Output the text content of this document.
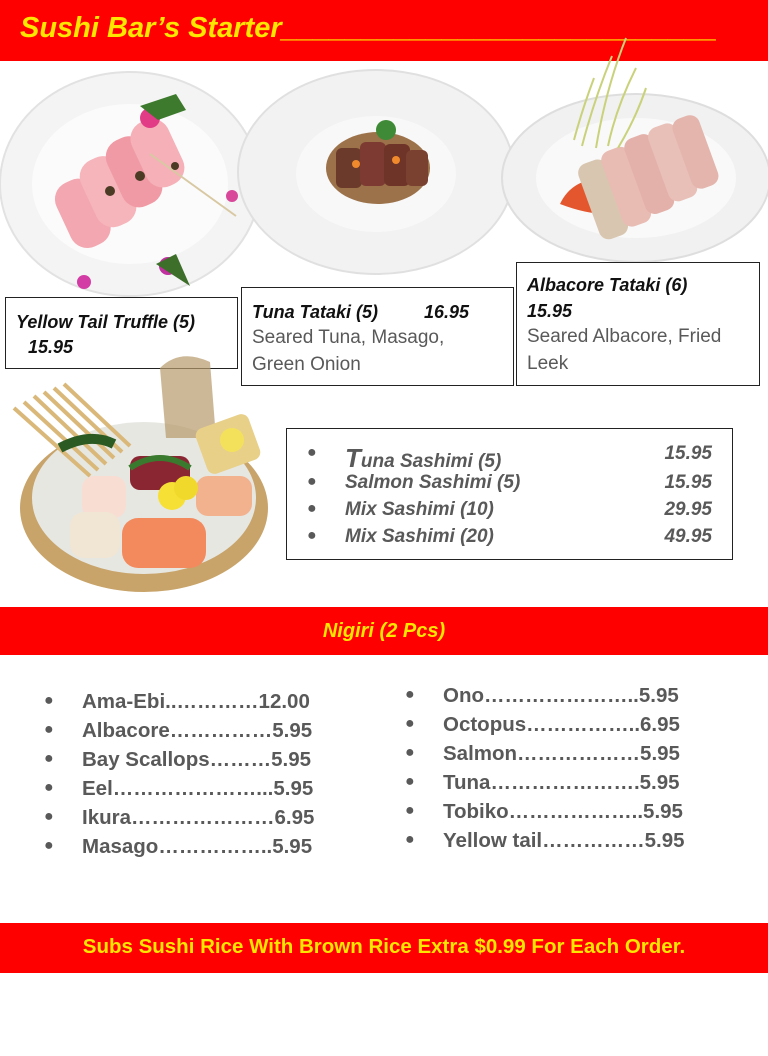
Sushi Bar’s Starter___________________________
Yellow Tail Truffle (5)
15.95
Tuna Tataki (5)	16.95
Seared Tuna, Masago, Green Onion
Albacore Tataki (6)
15.95
Seared Albacore, Fried Leek
● Tuna Sashimi (5)	15.95
● Salmon Sashimi (5)	15.95
● Mix Sashimi (10)	29.95
● Mix Sashimi (20)	49.95
Nigiri (2 Pcs)
● Ama-Ebi..…………12.00
● Albacore……………5.95
● Bay Scallops………5.95
● Eel…………………...5.95
● Ikura…………………6.95
● Masago……………..5.95
● Ono…………………..5.95
● Octopus……………..6.95
● Salmon………………5.95
● Tuna………………….5.95
● Tobiko………………..5.95
● Yellow tail……………5.95
Subs Sushi Rice With Brown Rice Extra $0.99 For Each Order.
